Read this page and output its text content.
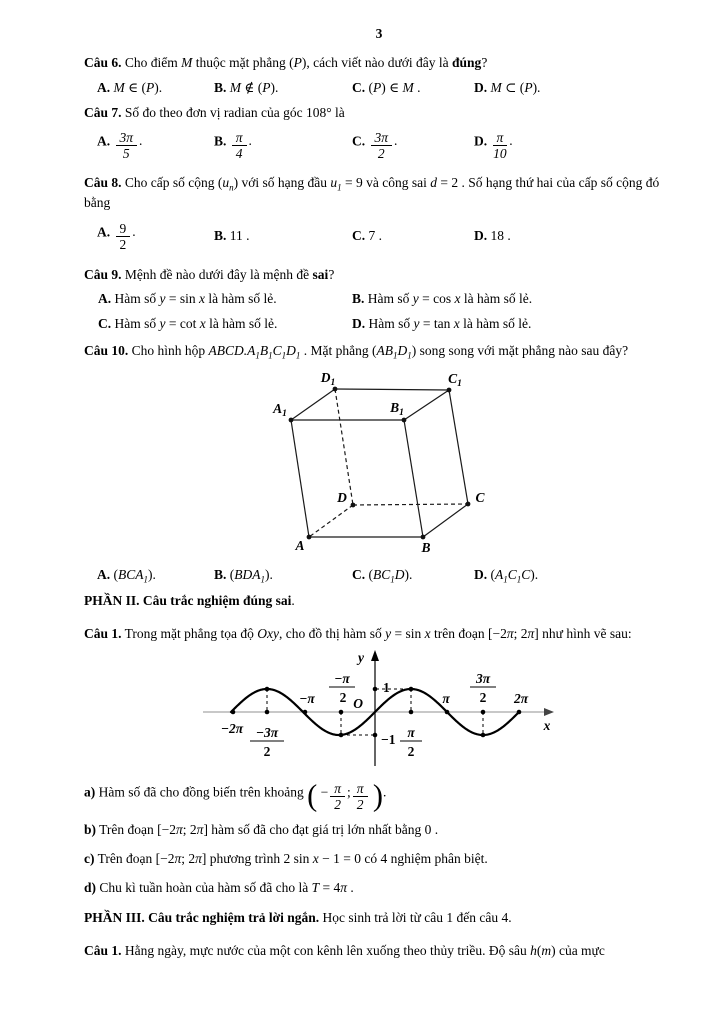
3

Câu 6. Cho điểm M thuộc mặt phẳng (P), cách viết nào dưới đây là đúng?

A. M ∈ (P).	B. M ∉ (P).	C. (P) ∈ M .	D. M ⊂ (P).

Câu 7. Số đo theo đơn vị radian của góc 108° là

A. $\frac{3\pi}{5}$ .	B. $\frac{\pi}{4}$ .	C. $\frac{3\pi}{2}$ .	D. $\frac{\pi}{10}$ .

Câu 8. Cho cấp số cộng $(u_n)$ với số hạng đầu $u_1 = 9$ và công sai d = 2 . Số hạng thứ hai của cấp số cộng đó bằng

A. $\frac{9}{2}$ .	B. 11 .	C. 7 .	D. 18 .

Câu 9. Mệnh đề nào dưới đây là mệnh đề sai?

A. Hàm số y = sin x là hàm số lẻ.	B. Hàm số y = cos x là hàm số lẻ.
C. Hàm số y = cot x là hàm số lẻ.	D. Hàm số y = tan x là hàm số lẻ.

Câu 10. Cho hình hộp $ABCD.A_1B_1C_1D_1$ . Mặt phẳng $(AB_1D_1)$ song song với mặt phẳng nào sau đây?

$D_1$	$C_1$
$A_1$	$B_1$
D	C
A	B
A. $(BCA_1)$.	B. $(BDA_1)$.	C. $(BC_1D)$.	D. $(A_1C_1C)$.

PHẦN II. Câu trắc nghiệm đúng sai.

Câu 1. Trong mặt phẳng tọa độ Oxy, cho đồ thị hàm số y = sin x trên đoạn [−2π; 2π] như hình vẽ sau:

y
x
O
1
−1
−2π −3π
2
−π
−π
2
π
2
π
3π
2 2π

a) Hàm số đã cho đồng biến trên khoảng ( − $\frac{\pi}{2}$ ; $\frac{\pi}{2}$ ).

b) Trên đoạn [−2π; 2π] hàm số đã cho đạt giá trị lớn nhất bằng 0 .

c) Trên đoạn [−2π; 2π] phương trình 2 sin x − 1 = 0 có 4 nghiệm phân biệt.

d) Chu kì tuần hoàn của hàm số đã cho là T = 4π .

PHẦN III. Câu trắc nghiệm trả lời ngắn. Học sinh trả lời từ câu 1 đến câu 4.

Câu 1. Hằng ngày, mực nước của một con kênh lên xuống theo thủy triều. Độ sâu h(m) của mực
